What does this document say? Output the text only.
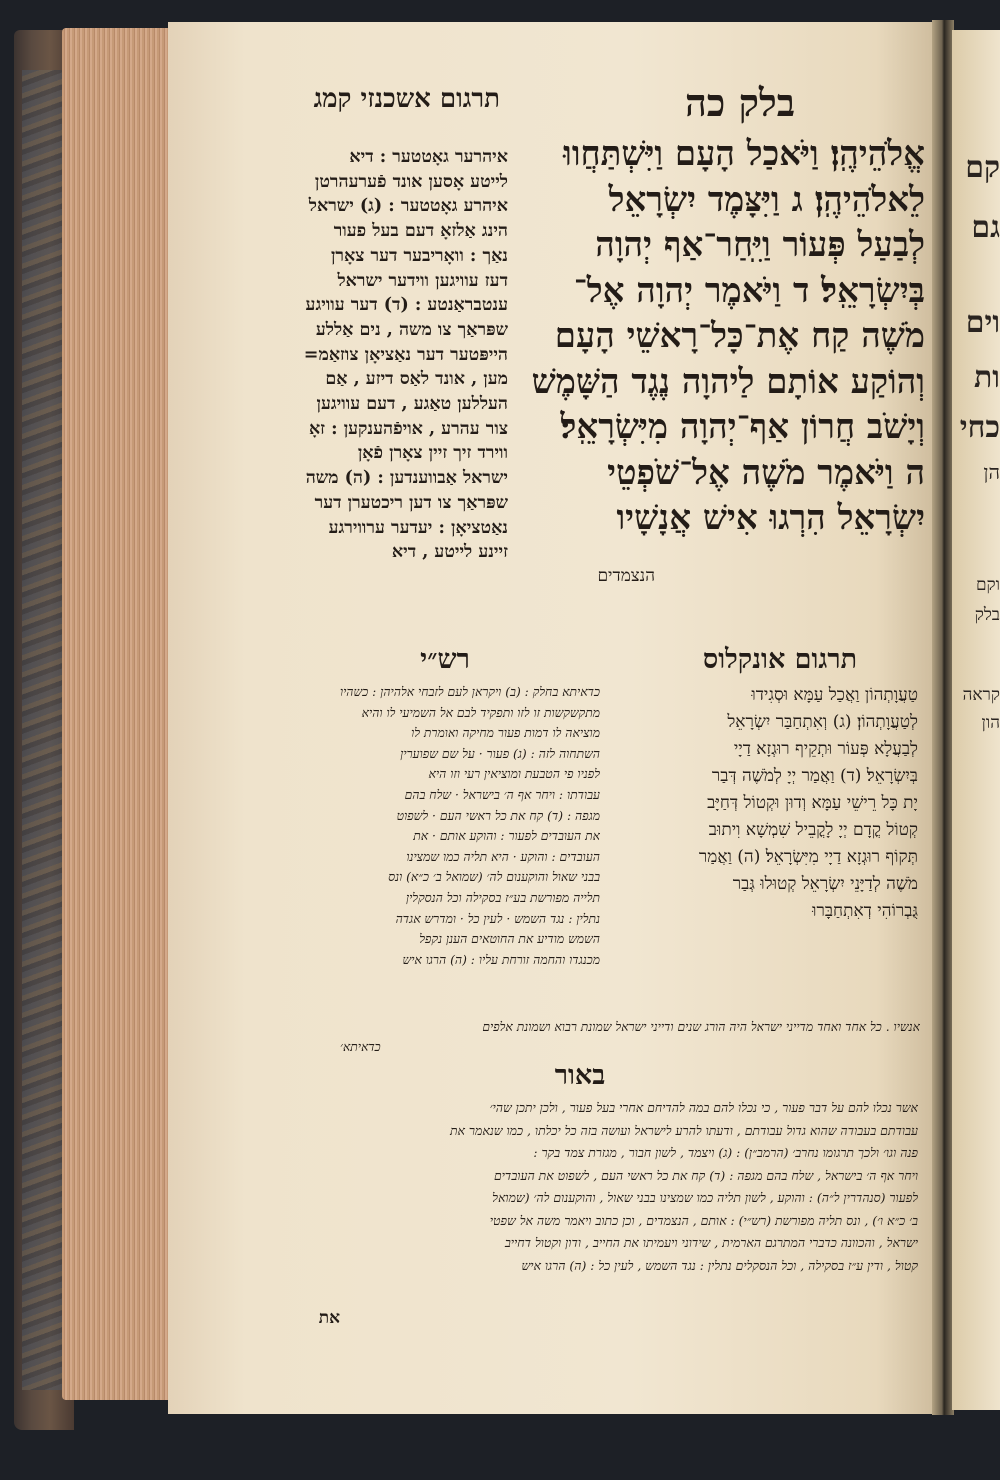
קם
גם
וים
ות
כחי
הן
וקם
בלק
קראה
הון
בלק כה
תרגום אשכנזי קמג
אֱלֹהֵיהֶֽן׃ וַיֹּאכַל הָעָם וַיִּשְׁתַּחֲווּ
לֵאלֹהֵיהֶֽן׃ ג וַיִּצָּמֶד יִשְׂרָאֵל
לְבַעַל פְּעוֹר וַיִּֽחַר־אַף יְהוָה
בְּיִשְׂרָאֵֽל׃ ד וַיֹּאמֶר יְהוָה אֶל־
מֹשֶׁה קַח אֶת־כָּל־רָאשֵׁי הָעָם
וְהוֹקַע אוֹתָם לַיהוָה נֶגֶד הַשָּׁמֶשׁ
וְיָשֹׁב חֲרוֹן אַף־יְהוָה מִיִּשְׂרָאֵֽל׃
ה וַיֹּאמֶר מֹשֶׁה אֶל־שֹׁפְטֵי
יִשְׂרָאֵל הִרְגוּ אִישׁ אֲנָשָׁיו
הנצמדים
איהרער גאָטטער : דיא
לייטע אָסען אונד פֿערעהרטן
איהרע גאָטטער : (ג) ישראל
הינג אַלזאָ דעם בעל פעור
נאַך : וואָריבער דער צאָרן
דעז עוויגען ווידער ישראל
ענטבראַנטע : (ד) דער עוויגע
שפּראַך צו משה , נים אַללע
הייפּטער דער נאַציאָן צוזאַמ=
מען , אונד לאַס דיזע , אַם
העללען טאַגע , דעם עוויגען
צור עהרע , אויפֿהענקען : זאָ
ווירד זיך זיין צאָרן פֿאָן
ישראל אַבווענדען : (ה) משה
שפּראַך צו דען ריכטערן דער
נאַטציאָן : יעדער ערווירגע
זיינע לייטע , דיא
תרגום אונקלוס
טַעֲוָתְהוֹן וַאֲכַל עַמָּא וּסְגִידוּ
לְטַעֲוָתְהוֹן׃ (ג) וְאִתְחַבַּר יִשְׂרָאֵל
לְבַעֲלָא פְּעוֹר וּתְקֵיף רוּגְזָא דַיָי
בְּיִשְׂרָאֵל׃ (ד) וַאֲמַר יְיָ לְמֹשֶׁה דְּבַר
יָת כָּל רֵישֵׁי עַמָּא וְדוּן וּקְטוֹל דְּחַיָּב
קְטוֹל קֳדָם יְיָ לָקֳבֵיל שִׁמְשָׁא וִיתוּב
תְּקוֹף רוּגְזָא דַיָי מִיִּשְׂרָאֵל׃ (ה) וַאֲמַר
מֹשֶׁה לְדַיָּנֵי יִשְׂרָאֵל קְטוּלוּ גְּבַר
גֻּבְרוֹהִי דְאִתְחַבָּרוּ
רש״י
כדאיתא בחלק : (ב) ויקראן לעם לזבחי אלהיהן : כשהיו
מתקשקשות זו לזו ותפקיד לבם אל השמיעי לו והיא
מוציאה לו דמות פעור מחיקה ואומרת לו
השתחוה לזה : (ג) פעור · על שם שפוערין
לפניו פי הטבעת ומוציאין רעי וזו היא
עבודתו : ויחר אף ה׳ בישראל · שלח בהם
מגפה : (ד) קח את כל ראשי העם · לשפוט
את העובדים לפעור : והוקע אותם · את
העובדים : והוקע · היא תליה כמו שמצינו
בבני שאול והוקענום לה׳ (שמואל ב׳ כ״א) ונס
תלייה מפורשת בע״ז בסקילה וכל הנסקלין
נתלין : נגד השמש · לעין כל · ומדרש אגדה
השמש מודיע את החוטאים הענן נקפל
מכנגדו והחמה זורחת עליו : (ה) הרגו איש
אנשיו . כל אחד ואחד מדייני ישראל היה הורג שנים ודייני ישראל שמונת רבוא ושמונת אלפים
כדאיתא׳
באור
אשר נכלו להם על דבר פעור , כי נכלו להם במה להדיחם אחרי בעל פעור , ולכן יתכן שהי׳
עבודתם בעבודה שהוא גדול עבודתם , ודעתו להרע לישראל ועושה בזה כל יכלתו , כמו שנאמר את
פנה וגו׳ ולכך תרגומו נחרב׳ (הרמב״ן) : (ג) ויצמד , לשון חבור , מגזרת צמד בקר :
ויחר אף ה׳ בישראל , שלח בהם מגפה : (ד) קח את כל ראשי העם , לשפוט את העובדים
לפעור (סנהדרין ל״ה) : והוקע , לשון תליה כמו שמצינו בבני שאול , והוקענום לה׳ (שמואל
ב׳ כ״א ו׳) , ונס תליה מפורשת (רש״י) : אותם , הנצמדים , וכן כתוב ויאמר משה אל שפטי
ישראל , והכוונה כדברי המתרגם הארמית , שידוני ויעמיתו את החייב , ודון וקטול דחייב
קטול , ודין ע״ז בסקילה , וכל הנסקלים נתלין : נגד השמש , לעין כל : (ה) הרגו איש
את
